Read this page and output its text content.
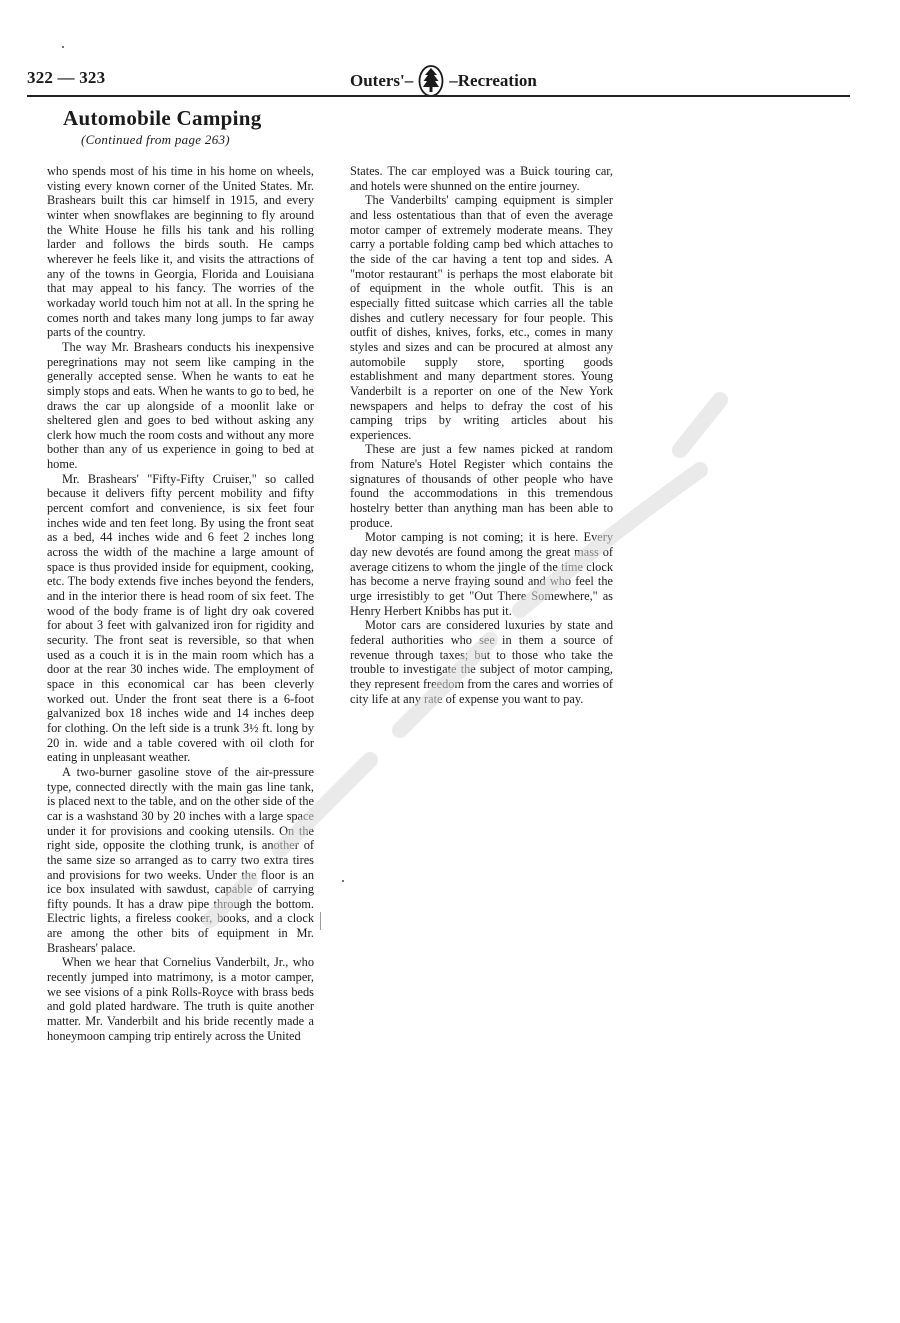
322 — 323	Outers'– –Recreation
Automobile Camping
(Continued from page 263)

who spends most of his time in his home on wheels, visting every known corner of the United States. Mr. Brashears built this car himself in 1915, and every winter when snowflakes are beginning to fly around the White House he fills his tank and his rolling larder and follows the birds south. He camps wherever he feels like it, and visits the attractions of any of the towns in Georgia, Florida and Louisiana that may appeal to his fancy. The worries of the workaday world touch him not at all. In the spring he comes north and takes many long jumps to far away parts of the country.

The way Mr. Brashears conducts his inexpensive peregrinations may not seem like camping in the generally accepted sense. When he wants to eat he simply stops and eats. When he wants to go to bed, he draws the car up alongside of a moonlit lake or sheltered glen and goes to bed without asking any clerk how much the room costs and without any more bother than any of us experience in going to bed at home.

Mr. Brashears' "Fifty-Fifty Cruiser," so called because it delivers fifty percent mobility and fifty percent comfort and convenience, is six feet four inches wide and ten feet long. By using the front seat as a bed, 44 inches wide and 6 feet 2 inches long across the width of the machine a large amount of space is thus provided inside for equipment, cooking, etc. The body extends five inches beyond the fenders, and in the interior there is head room of six feet. The wood of the body frame is of light dry oak covered for about 3 feet with galvanized iron for rigidity and security. The front seat is reversible, so that when used as a couch it is in the main room which has a door at the rear 30 inches wide. The employment of space in this economical car has been cleverly worked out. Under the front seat there is a 6-foot galvanized box 18 inches wide and 14 inches deep for clothing. On the left side is a trunk 3½ ft. long by 20 in. wide and a table covered with oil cloth for eating in unpleasant weather.

A two-burner gasoline stove of the air-pressure type, connected directly with the main gas line tank, is placed next to the table, and on the other side of the car is a washstand 30 by 20 inches with a large space under it for provisions and cooking utensils. On the right side, opposite the clothing trunk, is another of the same size so arranged as to carry two extra tires and provisions for two weeks. Under the floor is an ice box insulated with sawdust, capable of carrying fifty pounds. It has a draw pipe through the bottom. Electric lights, a fireless cooker, books, and a clock are among the other bits of equipment in Mr. Brashears' palace.

When we hear that Cornelius Vanderbilt, Jr., who recently jumped into matrimony, is a motor camper, we see visions of a pink Rolls-Royce with brass beds and gold plated hardware. The truth is quite another matter. Mr. Vanderbilt and his bride recently made a honeymoon camping trip entirely across the United

States. The car employed was a Buick touring car, and hotels were shunned on the entire journey.

The Vanderbilts' camping equipment is simpler and less ostentatious than that of even the average motor camper of extremely moderate means. They carry a portable folding camp bed which attaches to the side of the car having a tent top and sides. A "motor restaurant" is perhaps the most elaborate bit of equipment in the whole outfit. This is an especially fitted suitcase which carries all the table dishes and cutlery necessary for four people. This outfit of dishes, knives, forks, etc., comes in many styles and sizes and can be procured at almost any automobile supply store, sporting goods establishment and many department stores. Young Vanderbilt is a reporter on one of the New York newspapers and helps to defray the cost of his camping trips by writing articles about his experiences.

These are just a few names picked at random from Nature's Hotel Register which contains the signatures of thousands of other people who have found the accommodations in this tremendous hostelry better than anything man has been able to produce.

Motor camping is not coming; it is here. Every day new devotés are found among the great mass of average citizens to whom the jingle of the time clock has become a nerve fraying sound and who feel the urge irresistibly to get "Out There Somewhere," as Henry Herbert Knibbs has put it.

Motor cars are considered luxuries by state and federal authorities who see in them a source of revenue through taxes; but to those who take the trouble to investigate the subject of motor camping, they represent freedom from the cares and worries of city life at any rate of expense you want to pay.
